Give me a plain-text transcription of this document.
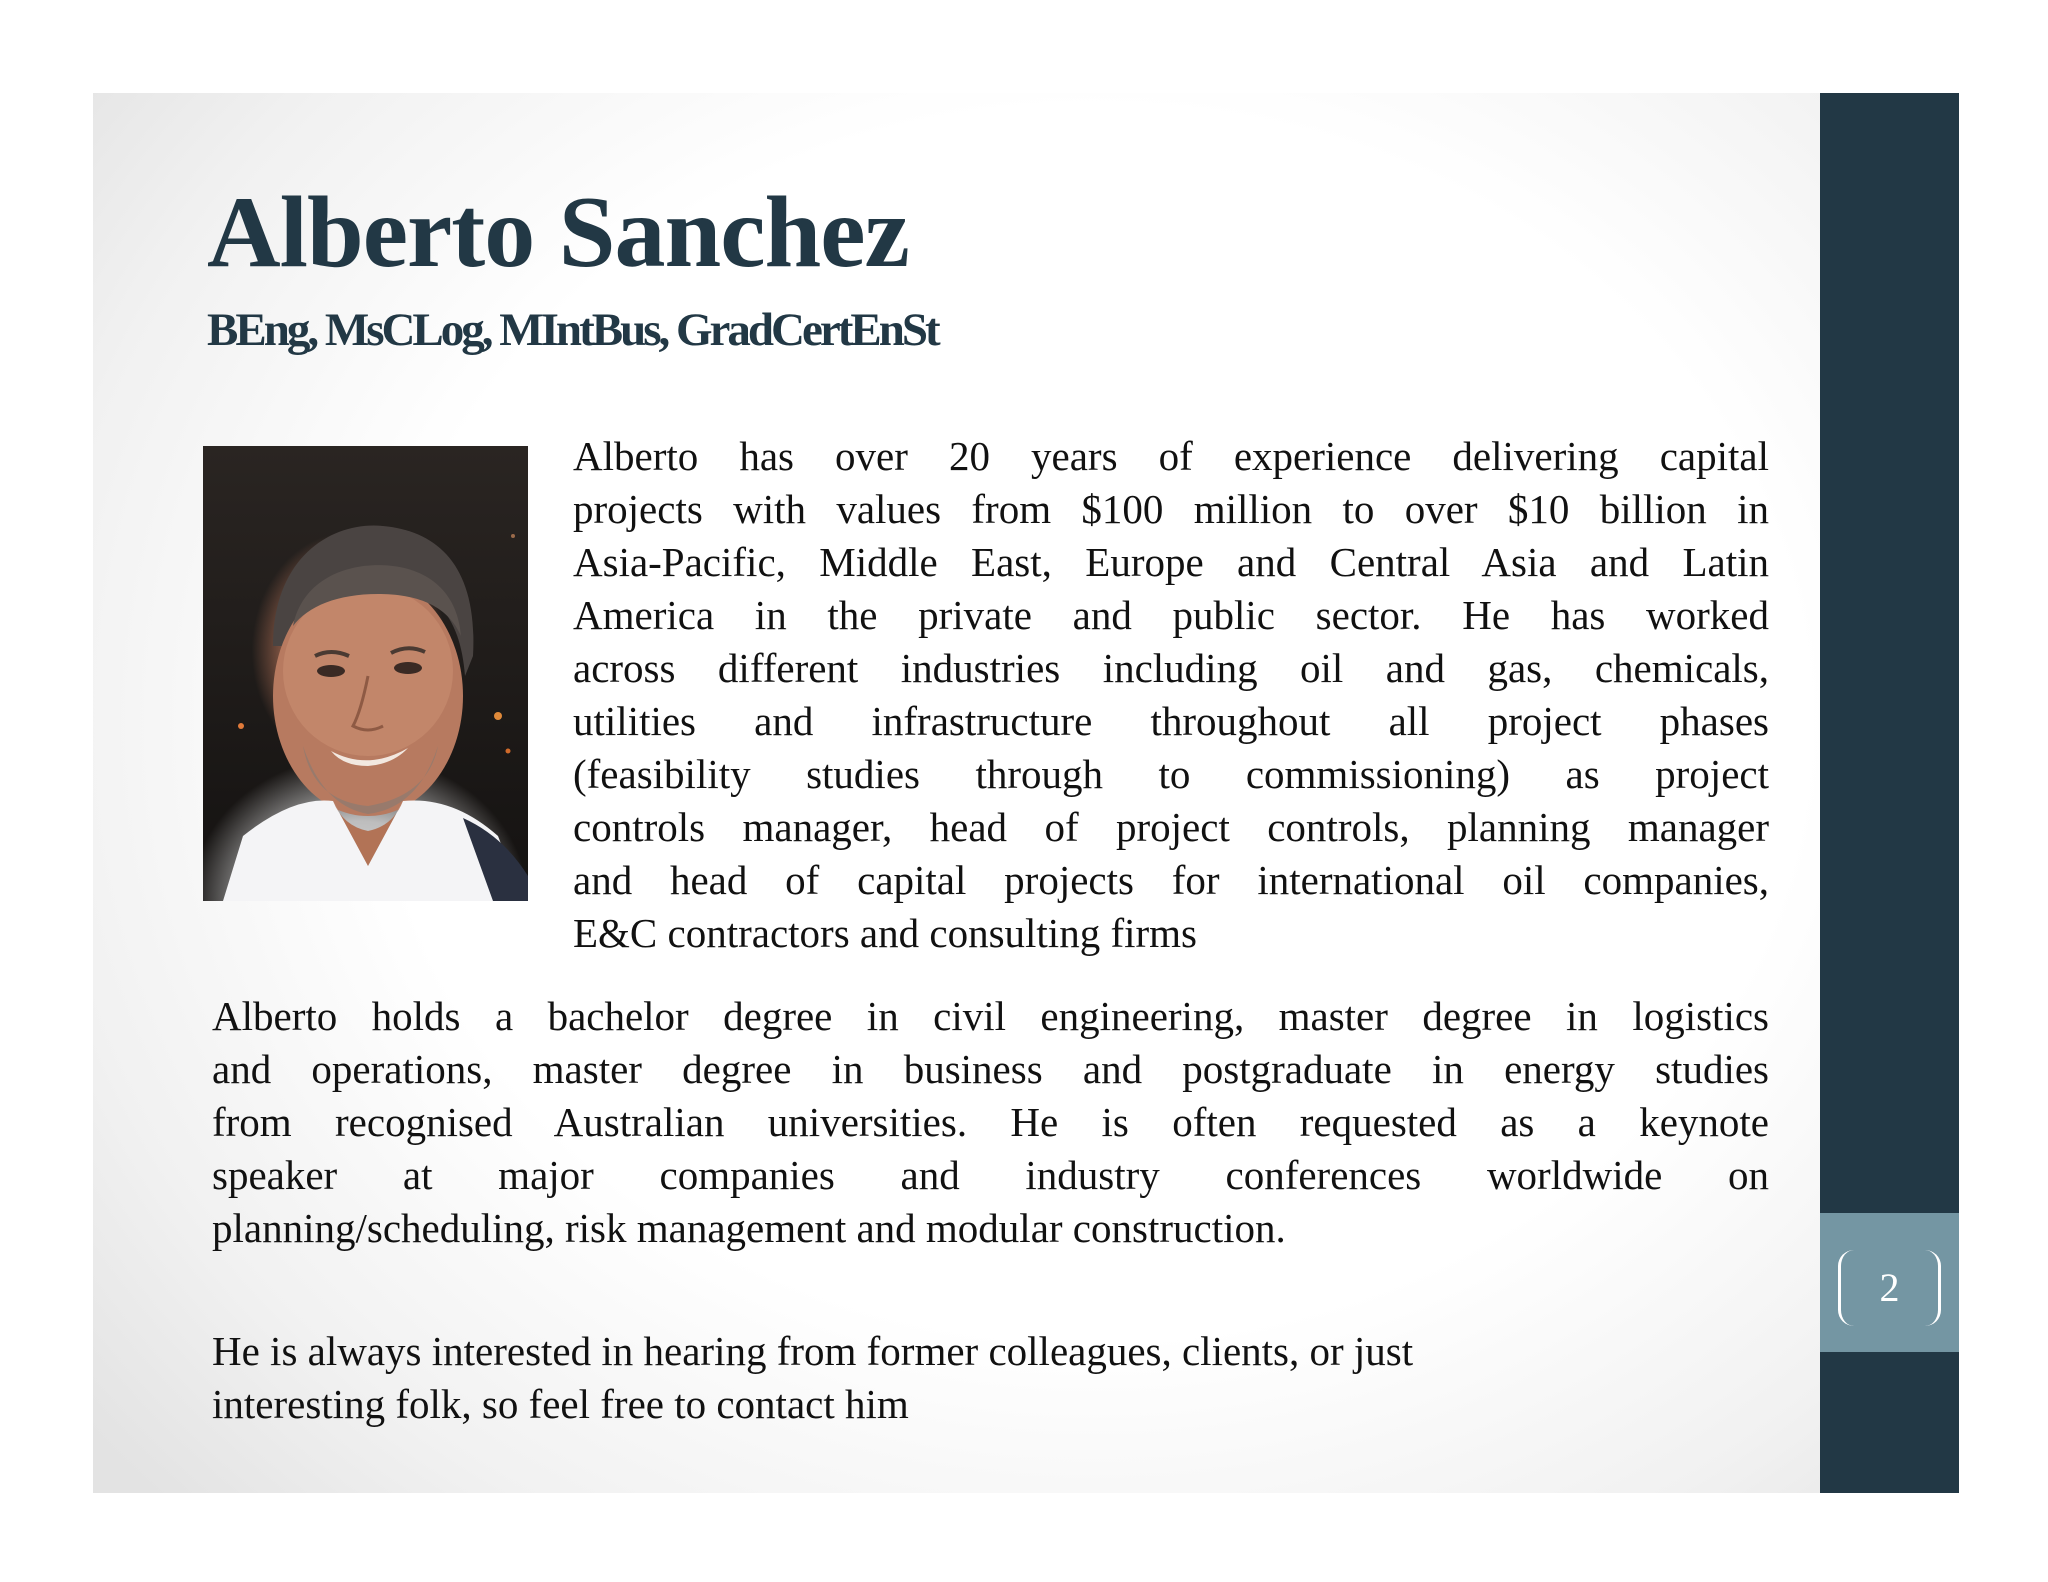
2
Alberto Sanchez
BEng, MsCLog, MIntBus, GradCertEnSt

Alberto has over 20 years of experience delivering capital
projects with values from $100 million to over $10 billion in
Asia-Pacific, Middle East, Europe and Central Asia and Latin
America in the private and public sector. He has worked
across different industries including oil and gas, chemicals,
utilities and infrastructure throughout all project phases
(feasibility studies through to commissioning) as project
controls manager, head of project controls, planning manager
and head of capital projects for international oil companies,
E&C contractors and consulting firms

Alberto holds a bachelor degree in civil engineering, master degree in logistics
and operations, master degree in business and postgraduate in energy studies
from recognised Australian universities. He is often requested as a keynote
speaker at major companies and industry conferences worldwide on
planning/scheduling, risk management and modular construction.

He is always interested in hearing from former colleagues, clients, or just
interesting folk, so feel free to contact him
